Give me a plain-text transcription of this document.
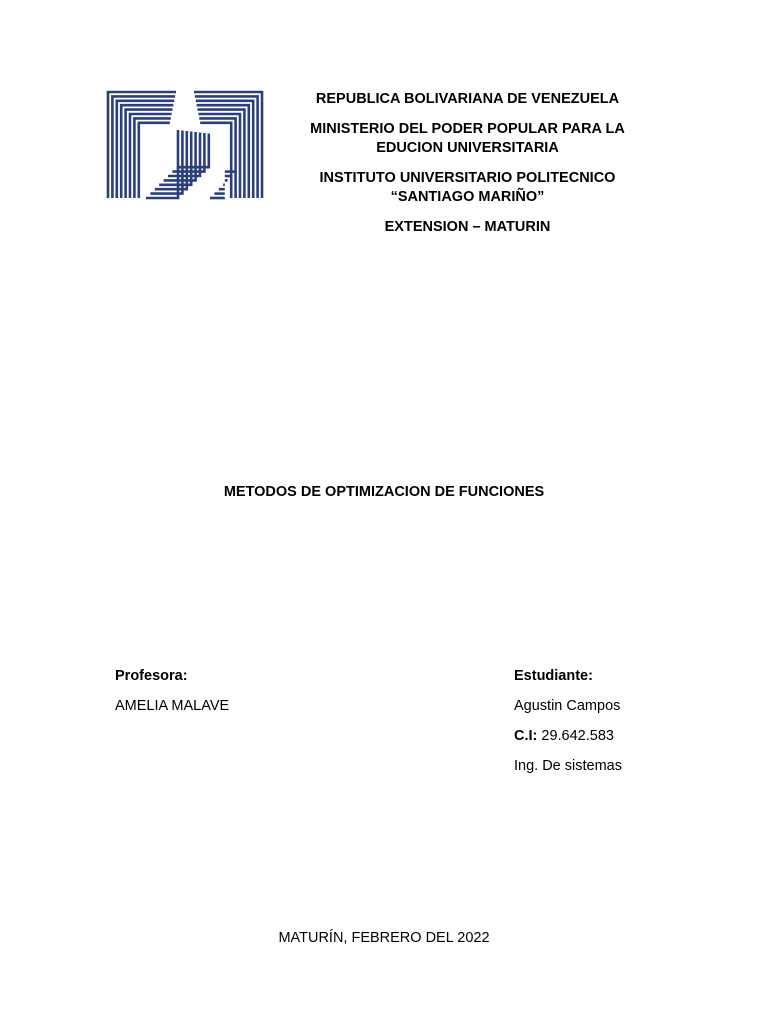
REPUBLICA BOLIVARIANA DE VENEZUELA

MINISTERIO DEL PODER POPULAR PARA LA EDUCION UNIVERSITARIA

INSTITUTO UNIVERSITARIO POLITECNICO
“SANTIAGO MARIÑO”

EXTENSION – MATURIN

METODOS DE OPTIMIZACION DE FUNCIONES
Profesora:
AMELIA MALAVE
Estudiante:
Agustin Campos
C.I: 29.642.583
Ing. De sistemas
MATURÍN, FEBRERO DEL 2022
